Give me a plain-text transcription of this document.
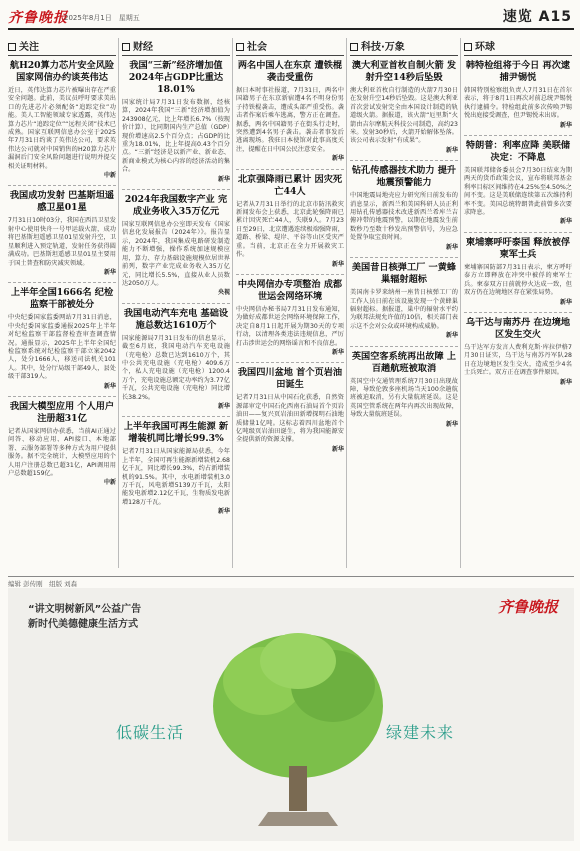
齐鲁晚报
2025年8月1日　星期五	速览 A15
关注
航H20算力芯片安全风险 国家网信办约谈英伟达
近日，英伟达算力芯片被曝出存在严重安全问题。此前，美议员呼吁要求美出口的先进芯片必须配备“追踪定位”功能。美人工智能领域专家透露，英伟达算力芯片“追踪定位”“远程关闭”技术已成熟。国家互联网信息办公室于2025年7月31日约谈了英伟达公司，要求英伟达公司就对中国销售的H20算力芯片漏洞后门安全风险问题进行说明并提交相关证明材料。
中新
我国成功发射 巴基斯坦遥感卫星01星
7月31日10时03分，我国在西昌卫星发射中心使用快舟一号甲运载火箭，成功将巴基斯坦遥感卫星01星发射升空，卫星顺利进入预定轨道，发射任务获得圆满成功。巴基斯坦遥感卫星01星主要用于国土普查和防灾减灾领域。
新华
上半年全国1666名 纪检监察干部被处分
中央纪委国家监委网站7月31日消息，中央纪委国家监委通报2025年上半年对纪检监察干部监督检查审查调查情况。通报显示，2025年上半年全国纪检监察系统对纪检监察干部立案2042人，处分1666人，移送司法机关101人。其中，处分厅局级干部49人，县处级干部319人。
新华
我国大模型应用 个人用户注册超31亿
记者从国家网信办获悉，当前AI正通过问答、移动应用、API接口、本地部署、云服务部署等多种方式为用户提供服务。据不完全统计，大模型应用的个人用户注册总数已超31亿，API调用用户总数超159亿。
中新
财经
我国“三新”经济增加值 2024年占GDP比重达18.01%
国家统计局7月31日发布数据，经核算，2024年我国“三新”经济增加值为243908亿元，比上年增长6.7%（按现价计算），比同期国内生产总值（GDP）现价增速高2.5个百分点；占GDP的比重为18.01%，比上年提高0.43个百分点。“三新”经济是以新产业、新业态、新商业模式为核心内容的经济活动的集合。
新华
2024年我国数字产业 完成业务收入35万亿元
国家互联网信息办公室即天发布《国家信息化发展报告（2024年）》。报告显示，2024年，我国集成电路研发制造能力不断增强，操作系统加速规模应用，算力、存力基础设施规模位居世界前列，数字产业完成业务收入35万亿元，同比增长5.5%，直接从业人员数达2050万人。
央视
我国电动汽车充电 基础设施总数达1610万个
国家能源局7月31日发布的信息显示，截至6月底，我国电动汽车充电设施（充电枪）总数已达到1610万个，其中公共充电设施（充电枪）409.6万个，私人充电设施（充电枪）1200.4万个，充电设施总额定功率约为3.77亿千瓦，公共充电设施（充电枪）同比增长38.2%。
新华
上半年我国可再生能源 新增装机同比增长99.3%
记者7月31日从国家能源局获悉，今年上半年，全国可再生能源新增装机2.68亿千瓦，同比增长99.3%，约占新增装机的91.5%。其中，水电新增装机3.0万千瓦，风电新增5139万千瓦，太阳能发电新增2.12亿千瓦，生物质发电新增128万千瓦。
新华
社会
两名中国人在东京 遭铁棍袭击受重伤
据日本时事社报道，7月31日，两名中国籍男子在东京新宿遭4名不明身份男子持铁棍袭击，遭成头部严重受伤。袭击者作案后乘车逃离，警方正在调查。据悉，两名中国籍男子在街头行走时，突然遭到4名男子袭击。袭击者事发后逃离现场。我驻日本使馆对此事高度关注，提醒在日中国公民注意安全。
新华
北京强降雨已累计 因灾死亡44人
记者从7月31日举行的北京市防汛救灾新闻发布会上获悉，北京此轮强降雨已累计因灾死亡44人，失联9人。7月23日至29日，北京遭遇连续极端强降雨，道路、桥梁、堤岸、平谷等山区受灾严重。当前，北京正在全力开展救灾工作。
新华
中央网信办专项整治 成都世运会网络环境
中央网信办秘书局7月31日发布通知，为做好成都世运会网络环境保障工作，决定自8月1日起开展为期30天的专项行动，以清理各类违法违规信息，严厉打击涉世运会的网络谣言和不良信息。
新华
我国四川盆地 首个页岩油田诞生
记者7月31日从中国石化获悉，自然资源部审定中国石化西南石油局首个页岩油田——复兴页岩油田新增探明石油地质储量1亿吨。这标志着四川盆地首个亿吨级页岩油田诞生，将为我国能源安全提供新的资源支撑。
新华
科技·万象
澳大利亚首枚自制火箭 发射升空14秒后坠毁
澳大利亚首枚自行制造的火箭7月30日在发射升空14秒后坠毁。这是澳大利亚首次尝试发射完全由本国设计制造的轨道级火箭。据报道，该火箭“厄里斯”火箭由吉尔摩航天科技公司制造，高约23米。发射30秒后，火箭开始解体坠落。该公司表示发射“有成果”。
新华
钻孔传感器技术助力 提升地震预警能力
中国地震局地壳应力研究所日前发布的消息显示，新西兰和美国科研人员正利用钻孔传感器技术改进新西兰希库兰吉俯冲带的地震预警，以期在地震发生前数秒乃至数十秒发出预警信号，为应急处置争取宝贵时间。
新华
美国昔日核弹工厂 一黄蜂巢辐射超标
美国南卡罗来纳州一座昔日核弹工厂的工作人员日前在该设施发现一个黄蜂巢辐射超标。据报道，巢中的辐射水平约为联邦法规允许值的10倍，相关部门表示这不会对公众或环境构成威胁。
新华
英国空客系统再出故障 上百趟航班被取消
英国空中交通管理系统7月30日出现故障，导致伦敦多座机场当天100余趟航班被迫取消，另有大量航班延误。这是英国空管系统在两年内再次出现故障，导致大量航班延误。
新华
环球
韩特检组将于今日 再次逮捕尹锡悦
韩国特别检察组负责人7月31日在首尔表示，将于8月1日再次对前总统尹锡悦执行逮捕令。特检组此前多次传唤尹锡悦出庭接受调查，但尹锡悦未出席。
新华
特朗普：利率应降 美联储决定：不降息
美国联邦储备委员会7月30日结束为期两天的货币政策会议，宣布将联邦基金利率目标区间维持在4.25%至4.50%之间不变。这是美联储连续第五次维持利率不变。美国总统特朗普此前曾多次要求降息。
新华
柬埔寨呼吁泰国 释放被俘柬军士兵
柬埔寨国防部7月31日表示，柬方呼吁泰方立即释放在冲突中被俘的柬军士兵。柬泰双方日前就停火达成一致，但双方仍在边境地区存在紧张局势。
新华
乌干达与南苏丹 在边境地区发生交火
乌干达军方发言人费利克斯·库拉伊格7月30日证实，乌干达与南苏丹军队28日在边境地区发生交火，造成至少4名士兵死亡。双方正在调查事件原因。
新华
编辑 彭传刚　组版 刘森
“讲文明树新风”公益广告
新时代美德健康生活方式
齐鲁晚报
低碳生活	绿建未来
